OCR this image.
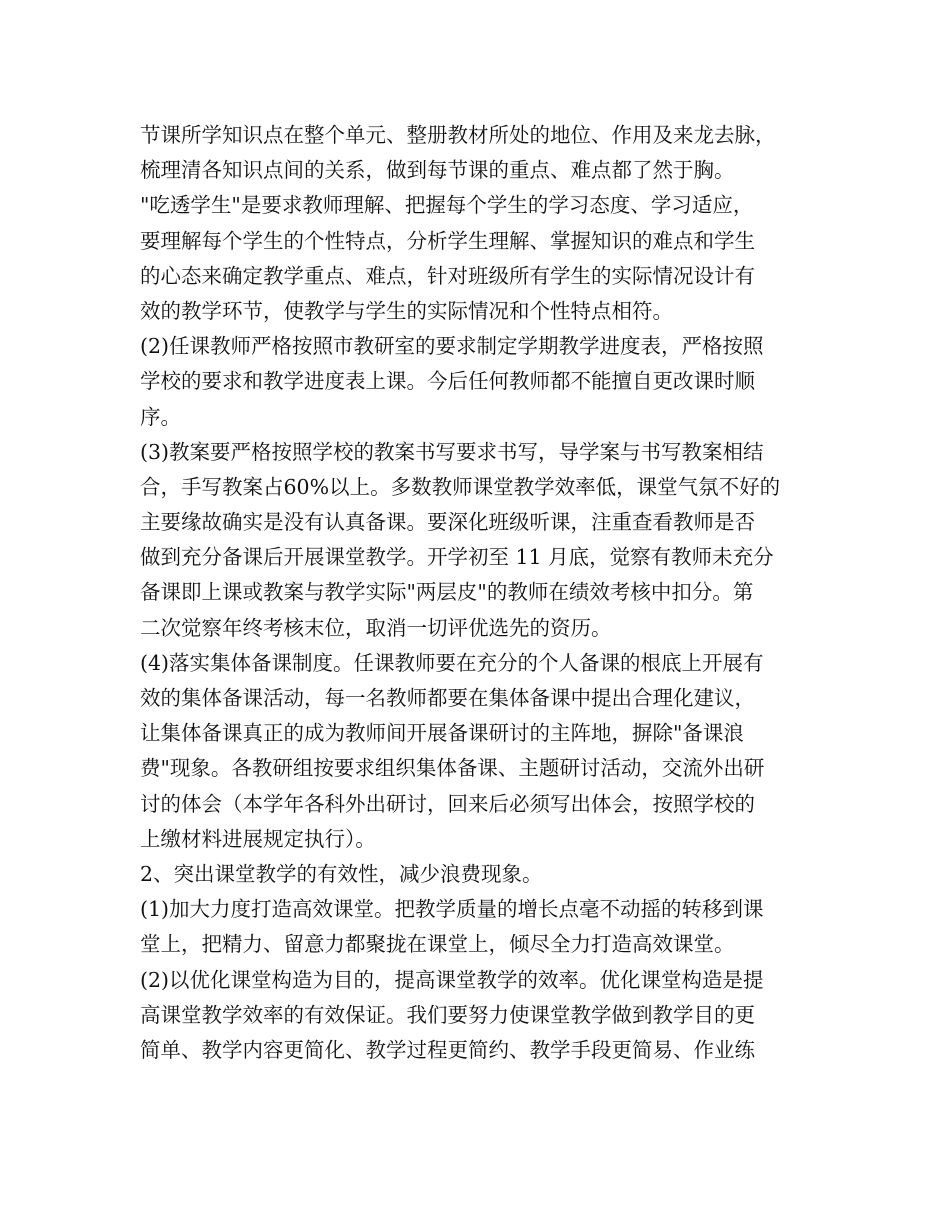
节课所学知识点在整个单元、整册教材所处的地位、作用及来龙去脉，
梳理清各知识点间的关系，做到每节课的重点、难点都了然于胸。
"吃透学生"是要求教师理解、把握每个学生的学习态度、学习适应，
要理解每个学生的个性特点，分析学生理解、掌握知识的难点和学生
的心态来确定教学重点、难点，针对班级所有学生的实际情况设计有
效的教学环节，使教学与学生的实际情况和个性特点相符。
(2)任课教师严格按照市教研室的要求制定学期教学进度表，严格按照
学校的要求和教学进度表上课。今后任何教师都不能擅自更改课时顺
序。
(3)教案要严格按照学校的教案书写要求书写，导学案与书写教案相结
合，手写教案占60%以上。多数教师课堂教学效率低，课堂气氛不好的
主要缘故确实是没有认真备课。要深化班级听课，注重查看教师是否
做到充分备课后开展课堂教学。开学初至 11 月底，觉察有教师未充分
备课即上课或教案与教学实际"两层皮"的教师在绩效考核中扣分。第
二次觉察年终考核末位，取消一切评优选先的资历。
(4)落实集体备课制度。任课教师要在充分的个人备课的根底上开展有
效的集体备课活动，每一名教师都要在集体备课中提出合理化建议，
让集体备课真正的成为教师间开展备课研讨的主阵地，摒除"备课浪
费"现象。各教研组按要求组织集体备课、主题研讨活动，交流外出研
讨的体会（本学年各科外出研讨，回来后必须写出体会，按照学校的
上缴材料进展规定执行）。
2、突出课堂教学的有效性，减少浪费现象。
(1)加大力度打造高效课堂。把教学质量的增长点毫不动摇的转移到课
堂上，把精力、留意力都聚拢在课堂上，倾尽全力打造高效课堂。
(2)以优化课堂构造为目的，提高课堂教学的效率。优化课堂构造是提
高课堂教学效率的有效保证。我们要努力使课堂教学做到教学目的更
简单、教学内容更简化、教学过程更简约、教学手段更简易、作业练
